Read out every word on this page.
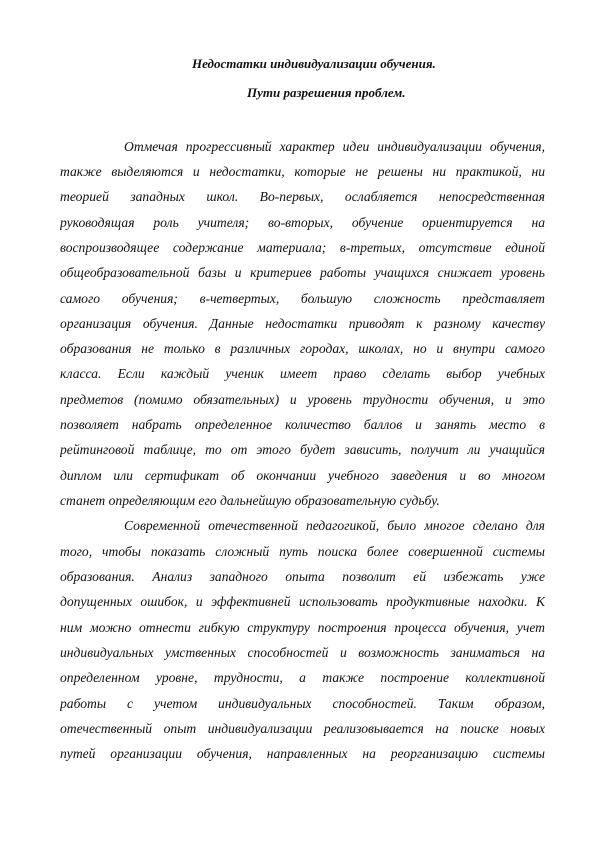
Недостатки индивидуализации обучения.
Пути разрешения проблем.
Отмечая прогрессивный характер идеи индивидуализации обучения,
также выделяются и недостатки, которые не решены ни практикой, ни
теорией западных школ. Во-первых, ослабляется непосредственная
руководящая роль учителя; во-вторых, обучение ориентируется на
воспроизводящее содержание материала; в-третьих, отсутствие единой
общеобразовательной базы и критериев работы учащихся снижает уровень
самого обучения; в-четвертых, большую сложность представляет
организация обучения. Данные недостатки приводят к разному качеству
образования не только в различных городах, школах, но и внутри самого
класса. Если каждый ученик имеет право сделать выбор учебных
предметов (помимо обязательных) и уровень трудности обучения, и это
позволяет набрать определенное количество баллов и занять место в
рейтинговой таблице, то от этого будет зависить, получит ли учащийся
диплом или сертификат об окончании учебного заведения и во многом
станет определяющим его дальнейшую образовательную судьбу.
Современной отечественной педагогикой, было многое сделано для
того, чтобы показать сложный путь поиска более совершенной системы
образования. Анализ западного опыта позволит ей избежать уже
допущенных ошибок, и эффективней использовать продуктивные находки. К
ним можно отнести гибкую структуру построения процесса обучения, учет
индивидуальных умственных способностей и возможность заниматься на
определенном уровне, трудности, а также построение коллективной
работы с учетом индивидуальных способностей. Таким образом,
отечественный опыт индивидуализации реализовывается на поиске новых
путей организации обучения, направленных на реорганизацию системы
